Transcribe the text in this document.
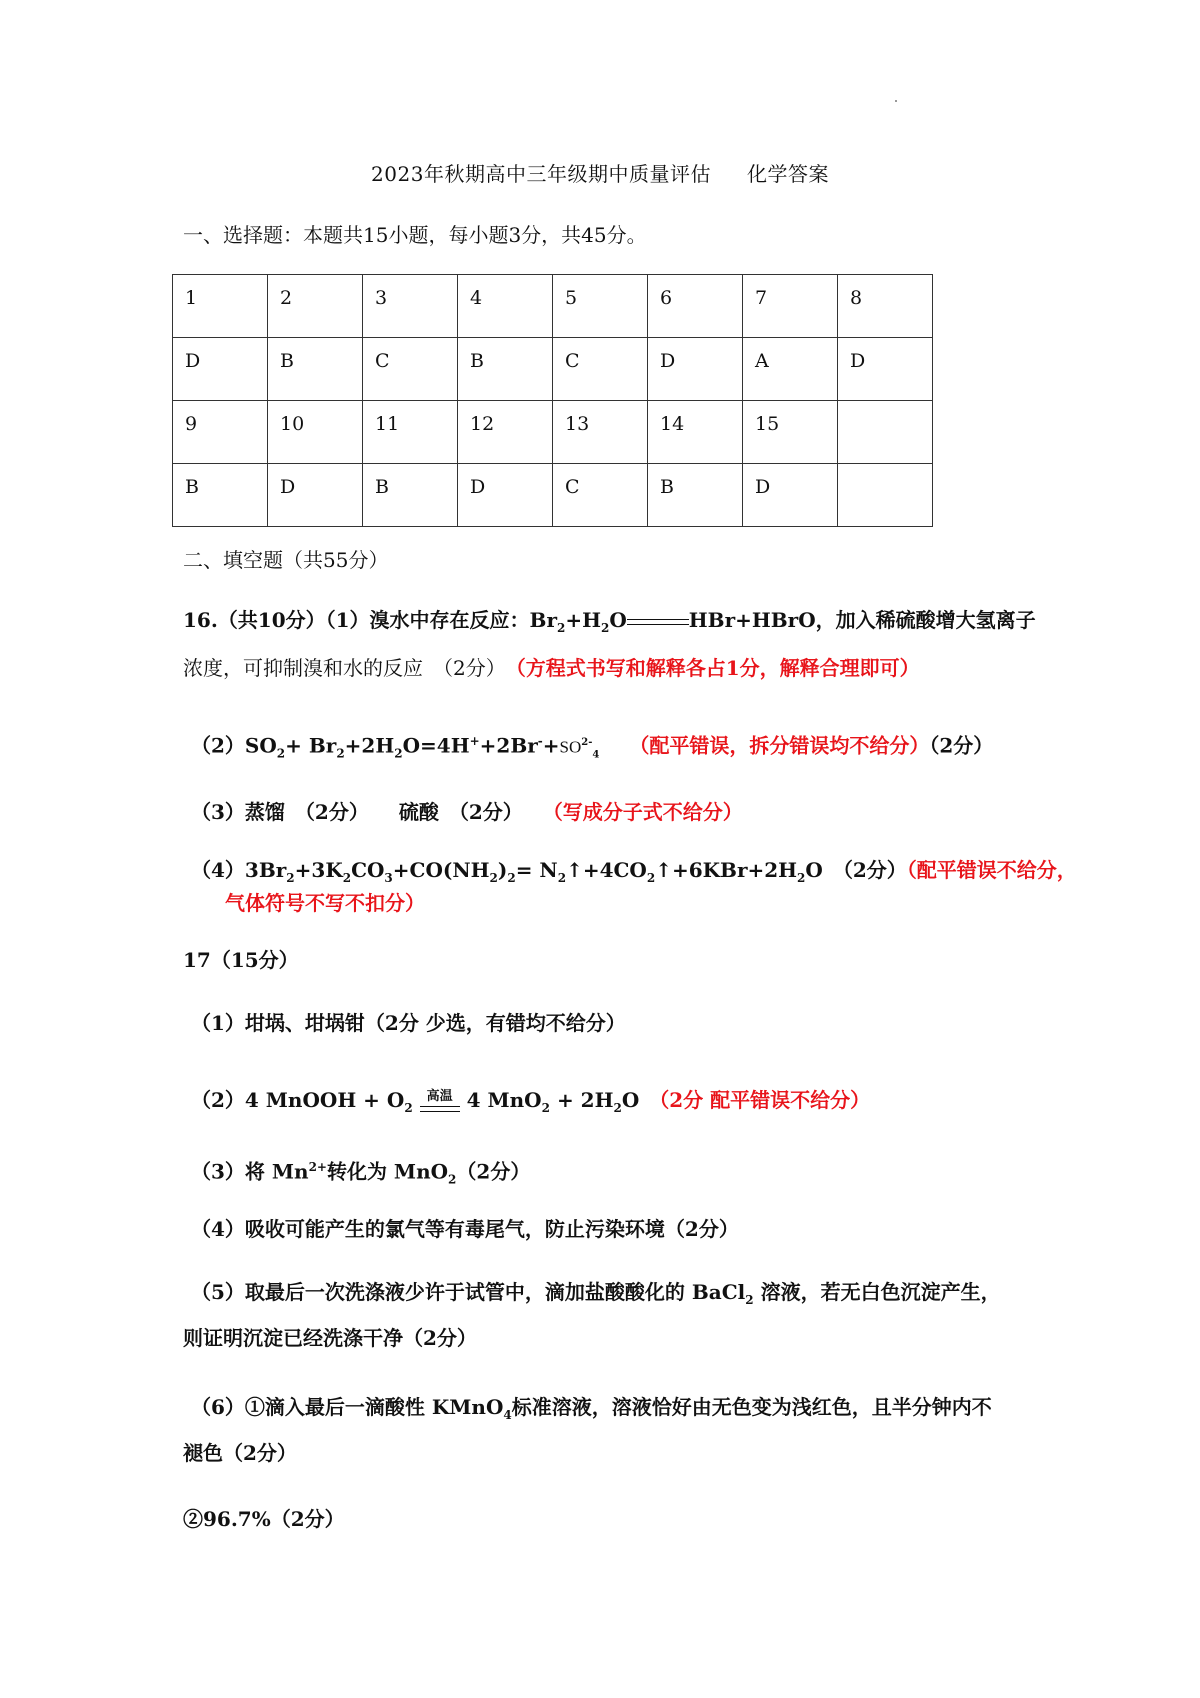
2023年秋期高中三年级期中质量评估 化学答案
一、选择题：本题共15小题，每小题3分，共45分。
1	2	3	4	5	6	7	8
D	B	C	B	C	D	A	D
9	10	11	12	13	14	15	
B	D	B	D	C	B	D	
二、填空题（共55分）
16.（共10分）（1）溴水中存在反应：$Br_2+H_2O$	HBr+HBrO，加入稀硫酸增大氢离子
浓度，可抑制溴和水的反应　（2分）　 （方程式书写和解释各占1分，解释合理即可）
$(2)SO_2+ Br_2+2H_2O=4H^++2Br^-+SO^{2-}_4$　　 （配平错误，拆分错误均不给分）（2分）
（3）蒸馏　（2分）　　硫酸　（2分）　　 （写成分子式不给分）
$(4)3Br_2+3K_2CO_3+CO(NH_2)_2=$ $N_2↑+4CO_2↑+6KBr+2H_2O$　（2分）（配平错误不给分，
气体符号不写不扣分）
17（15分）
（1）坩埚、坩埚钳（2分 少选，有错均不给分）
（2）4 MnOOH + $O_2$
高温 4 $MnO_2 + 2H_2O$　 （2分 配平错误不给分）
（3）将 $Mn^{2+}$转化为 MnO$_2$（2分）
（4）吸收可能产生的氯气等有毒尾气，防止污染环境（2分）
（5）取最后一次洗涤液少许于试管中，滴加盐酸酸化的 BaCl$_2$ 溶液，若无白色沉淀产生，
则证明沉淀已经洗涤干净（2分）
（6）①滴入最后一滴酸性 KMnO$_4$标准溶液，溶液恰好由无色变为浅红色，且半分钟内不
褪色（2分）
②96.7%（2分）
